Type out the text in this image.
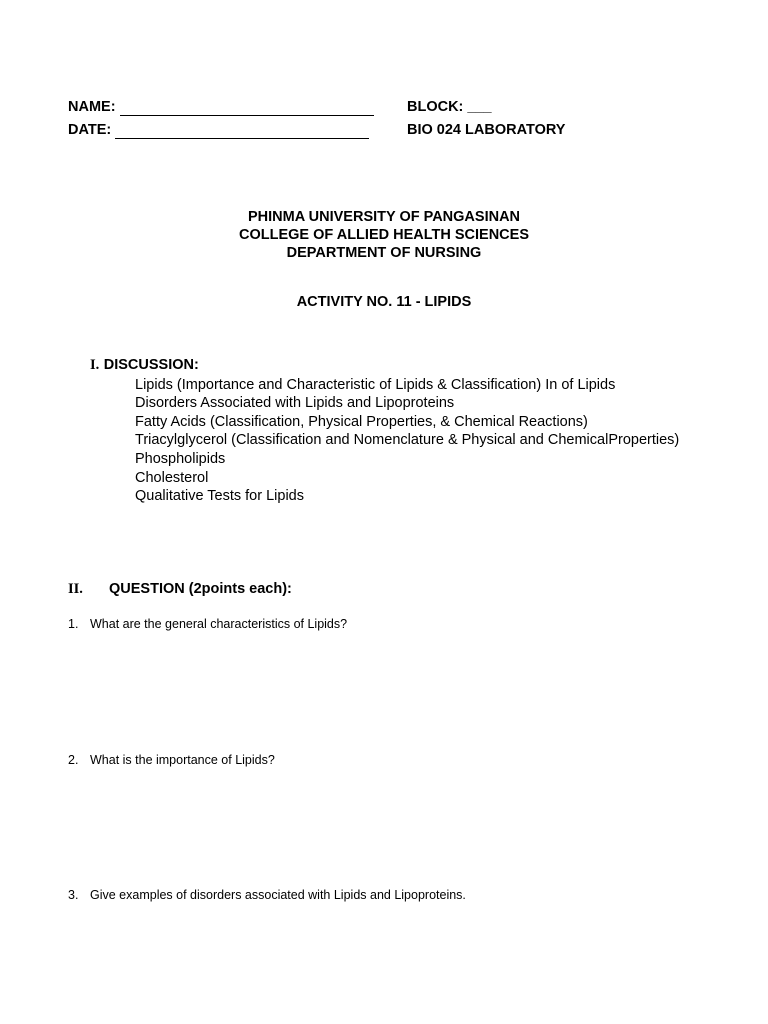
NAME:
DATE:
BLOCK: ___
BIO 024 LABORATORY
PHINMA UNIVERSITY OF PANGASINAN
COLLEGE OF ALLIED HEALTH SCIENCES
DEPARTMENT OF NURSING
ACTIVITY NO. 11 - LIPIDS
I. DISCUSSION:
Lipids (Importance and Characteristic of Lipids & Classification) In of Lipids
Disorders Associated with Lipids and Lipoproteins
Fatty Acids (Classification, Physical Properties, & Chemical Reactions)
Triacylglycerol (Classification and Nomenclature & Physical and ChemicalProperties)
Phospholipids
Cholesterol
Qualitative Tests for Lipids
II. QUESTION (2points each):
1. What are the general characteristics of Lipids?
2. What is the importance of Lipids?
3. Give examples of disorders associated with Lipids and Lipoproteins.
